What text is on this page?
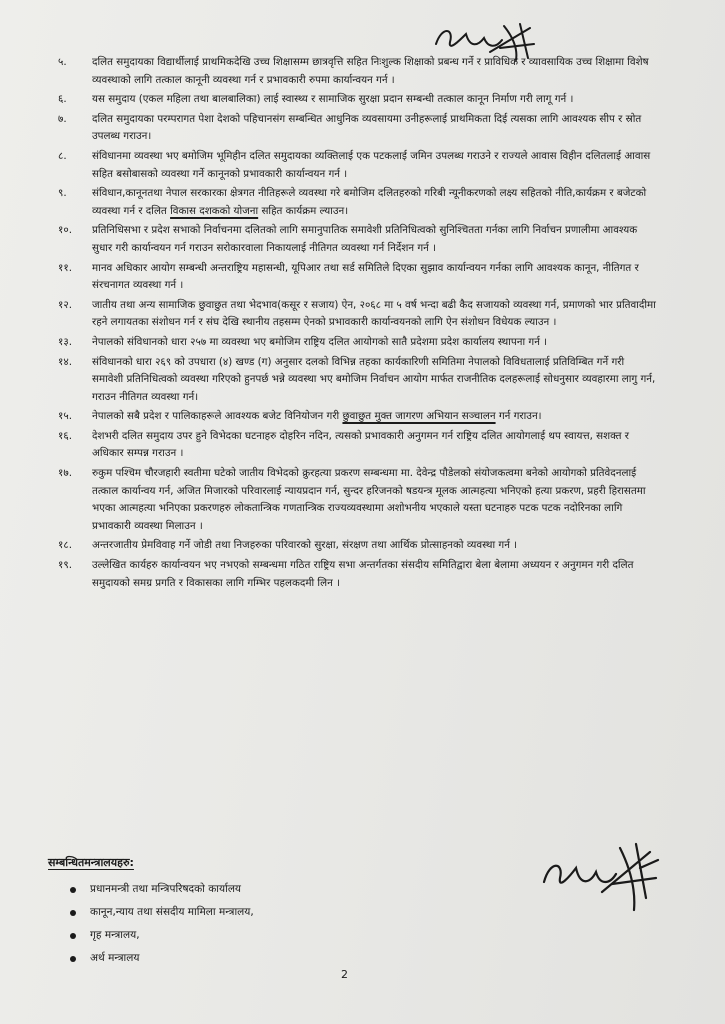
५.	दलित समुदायका विद्यार्थीलाई प्राथमिकदेखि उच्च शिक्षासम्म छात्रवृत्ति सहित निःशुल्क शिक्षाको प्रबन्ध गर्ने र प्राविधिक र व्यावसायिक उच्च शिक्षामा विशेष व्यवस्थाको लागि तत्काल कानूनी व्यवस्था गर्न र प्रभावकारी रुपमा कार्यान्वयन गर्न ।
६.	यस समुदाय (एकल महिला तथा बालबालिका) लाई स्वास्थ्य र सामाजिक सुरक्षा प्रदान सम्बन्धी तत्काल कानून निर्माण गरी लागू गर्न ।
७.	दलित समुदायका परम्परागत पेशा देशको पहिचानसंग सम्बन्धित आधुनिक व्यवसायमा उनीहरूलाई प्राथमिकता दिई त्यसका लागि आवश्यक सीप र स्रोत उपलब्ध गराउन।
८.	संविधानमा व्यवस्था भए बमोजिम भूमिहीन दलित समुदायका व्यक्तिलाई एक पटकलाई जमिन उपलब्ध गराउने र राज्यले आवास विहीन दलितलाई आवास सहित बसोबासको व्यवस्था गर्ने कानूनको प्रभावकारी कार्यान्वयन गर्न ।
९.	संविधान,कानूनतथा नेपाल सरकारका क्षेत्रगत नीतिहरूले व्यवस्था गरे बमोजिम दलितहरुको गरिबी न्यूनीकरणको लक्ष्य सहितको नीति,कार्यक्रम र बजेटको व्यवस्था गर्न र दलित विकास दशकको योजना सहित कार्यक्रम ल्याउन।
१०.	प्रतिनिधिसभा र प्रदेश सभाको निर्वाचनमा दलितको लागि समानुपातिक समावेशी प्रतिनिधित्वको सुनिश्चितता गर्नका लागि निर्वाचन प्रणालीमा आवश्यक सुधार गरी कार्यान्वयन गर्न गराउन सरोकारवाला निकायलाई नीतिगत व्यवस्था गर्न निर्देशन गर्न ।
११.	मानव अधिकार आयोग सम्बन्धी अन्तराष्ट्रिय महासन्धी, यूपिआर तथा सर्ड समितिले दिएका सुझाव कार्यान्वयन गर्नका लागि आवश्यक कानून, नीतिगत र संरचनागत व्यवस्था गर्न ।
१२.	जातीय तथा अन्य सामाजिक छुवाछुत तथा भेदभाव(कसूर र सजाय) ऐन, २०६८ मा ५ वर्ष भन्दा बढी कैद सजायको व्यवस्था गर्न, प्रमाणको भार प्रतिवादीमा रहने लगायतका संशोधन गर्न र संघ देखि स्थानीय तहसम्म ऐनको प्रभावकारी कार्यान्वयनको लागि ऐन संशोधन विधेयक ल्याउन ।
१३.	नेपालको संविधानको धारा २५७ मा व्यवस्था भए बमोजिम राष्ट्रिय दलित आयोगको सातै प्रदेशमा प्रदेश कार्यालय स्थापना गर्न ।
१४.	संविधानको धारा २६९ को उपधारा (४) खण्ड (ग) अनुसार दलको विभिन्न तहका कार्यकारिणी समितिमा नेपालको विविधतालाई प्रतिविम्बित गर्ने गरी समावेशी प्रतिनिधित्वको व्यवस्था गरिएको हुनपर्छ भन्ने व्यवस्था भए बमोजिम निर्वाचन आयोग मार्फत राजनीतिक दलहरूलाई सोधनुसार व्यवहारमा लागु गर्न, गराउन नीतिगत व्यवस्था गर्न।
१५.	नेपालको सबै प्रदेश र पालिकाहरूले आवश्यक बजेट विनियोजन गरी छुवाछुत मुक्त जागरण अभियान सञ्चालन गर्न गराउन।
१६.	देशभरी दलित समुदाय उपर हुने विभेदका घटनाहरु दोहरिन नदिन, त्यसको प्रभावकारी अनुगमन गर्न राष्ट्रिय दलित आयोगलाई थप स्वायत्त, सशक्त र अधिकार सम्पन्न गराउन ।
१७.	रुकुम पश्चिम चौरजहारी स्वतीमा घटेको जातीय विभेदको क्रुरहत्या प्रकरण सम्बन्धमा मा. देवेन्द्र पौडेलको संयोजकत्वमा बनेको आयोगको प्रतिवेदनलाई तत्काल कार्यान्वय गर्न, अजित मिजारको परिवारलाई न्यायप्रदान गर्न, सुन्दर हरिजनको षडयन्त्र मूलक आत्महत्या भनिएको हत्या प्रकरण, प्रहरी हिरासतमा भएका आत्महत्या भनिएका प्रकरणहरु लोकतान्त्रिक गणतान्त्रिक राज्यव्यवस्थामा अशोभनीय भएकाले यस्ता घटनाहरु पटक पटक नदोरिनका लागि प्रभावकारी व्यवस्था मिलाउन ।
१८.	अन्तरजातीय प्रेमविवाह गर्ने जोडी तथा निजहरुका परिवारको सुरक्षा, संरक्षण तथा आर्थिक प्रोत्साहनको व्यवस्था गर्न ।
१९.	उल्लेखित कार्यहरु कार्यान्वयन भए नभएको सम्बन्धमा गठित राष्ट्रिय सभा अन्तर्गतका संसदीय समितिद्वारा बेला बेलामा अध्ययन र अनुगमन गरी दलित समुदायको समग्र प्रगति र विकासका लागि गम्भिर पहलकदमी लिन ।
सम्बन्धितमन्त्रालयहरु:
प्रधानमन्त्री तथा मन्त्रिपरिषदको कार्यालय
कानून,न्याय तथा संसदीय मामिला मन्त्रालय,
गृह मन्त्रालय,
अर्थ मन्त्रालय
2
